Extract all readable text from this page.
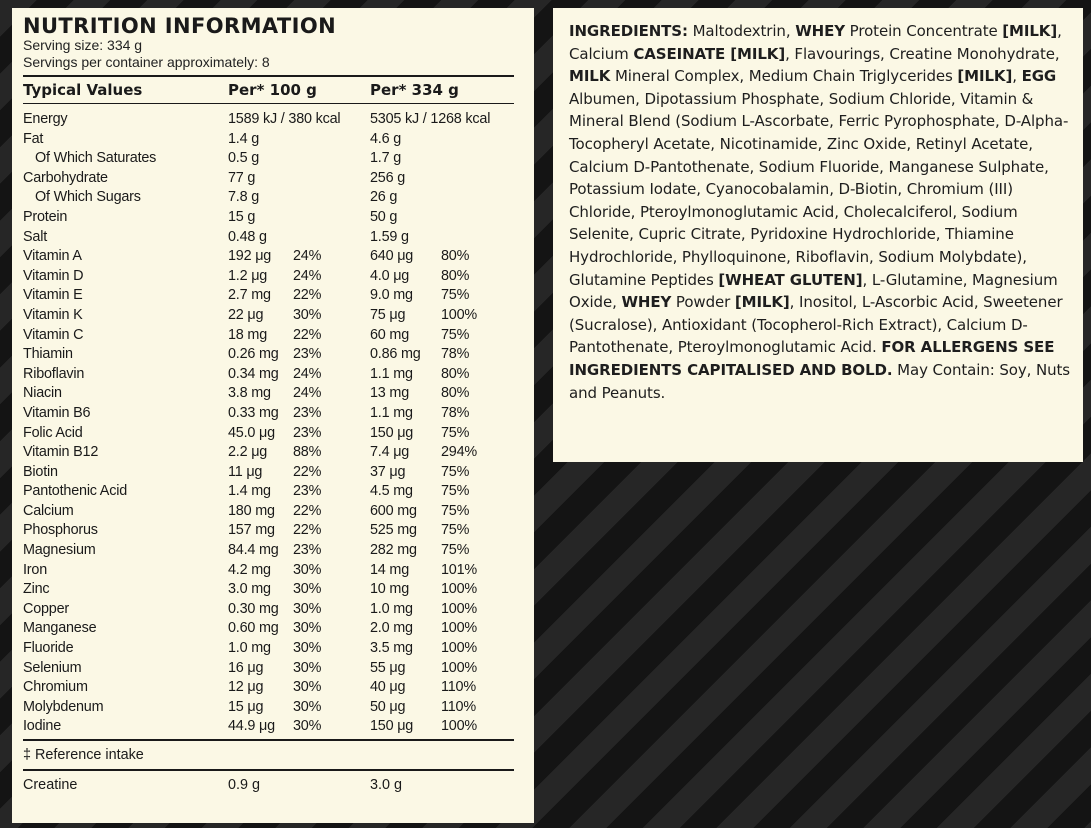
NUTRITION INFORMATION
Serving size: 334 g
Servings per container approximately: 8
Typical Values	Per* 100 g	Per* 334 g
Energy	1589 kJ / 380 kcal 5305 kJ / 1268 kcal
Fat	1.4 g	4.6 g
Of Which Saturates	0.5 g	1.7 g
Carbohydrate	77 g	256 g
Of Which Sugars	7.8 g	26 g
Protein	15 g	50 g
Salt	0.48 g	1.59 g
Vitamin A	192 μg 24%	640 μg 80%
Vitamin D	1.2 μg 24%	4.0 μg 80%
Vitamin E	2.7 mg 22%	9.0 mg 75%
Vitamin K	22 μg 30%	75 μg 100%
Vitamin C	18 mg 22%	60 mg 75%
Thiamin	0.26 mg 23%	0.86 mg 78%
Riboflavin	0.34 mg 24%	1.1 mg 80%
Niacin	3.8 mg 24%	13 mg 80%
Vitamin B6	0.33 mg 23%	1.1 mg 78%
Folic Acid	45.0 μg 23%	150 μg 75%
Vitamin B12	2.2 μg 88%	7.4 μg 294%
Biotin	11 μg 22%	37 μg 75%
Pantothenic Acid	1.4 mg 23%	4.5 mg 75%
Calcium	180 mg 22%	600 mg 75%
Phosphorus	157 mg 22%	525 mg 75%
Magnesium	84.4 mg 23%	282 mg 75%
Iron	4.2 mg 30%	14 mg 101%
Zinc	3.0 mg 30%	10 mg 100%
Copper	0.30 mg 30%	1.0 mg 100%
Manganese	0.60 mg 30%	2.0 mg 100%
Fluoride	1.0 mg 30%	3.5 mg 100%
Selenium	16 μg 30%	55 μg 100%
Chromium	12 μg 30%	40 μg 110%
Molybdenum	15 μg 30%	50 μg 110%
Iodine	44.9 μg 30%	150 μg 100%
‡ Reference intake
Creatine	0.9 g	3.0 g
INGREDIENTS: Maltodextrin, WHEY Protein Concentrate [MILK], Calcium CASEINATE [MILK], Flavourings, Creatine Monohydrate, MILK Mineral Complex, Medium Chain Triglycerides [MILK], EGG Albumen, Dipotassium Phosphate, Sodium Chloride, Vitamin & Mineral Blend (Sodium L-Ascorbate, Ferric Pyrophosphate, D-Alpha-Tocopheryl Acetate, Nicotinamide, Zinc Oxide, Retinyl Acetate, Calcium D-Pantothenate, Sodium Fluoride, Manganese Sulphate, Potassium Iodate, Cyanocobalamin, D-Biotin, Chromium (III) Chloride, Pteroylmonoglutamic Acid, Cholecalciferol, Sodium Selenite, Cupric Citrate, Pyridoxine Hydrochloride, Thiamine Hydrochloride, Phylloquinone, Riboflavin, Sodium Molybdate), Glutamine Peptides [WHEAT GLUTEN], L-Glutamine, Magnesium Oxide, WHEY Powder [MILK], Inositol, L-Ascorbic Acid, Sweetener (Sucralose), Antioxidant (Tocopherol-Rich Extract), Calcium D-Pantothenate, Pteroylmonoglutamic Acid. FOR ALLERGENS SEE INGREDIENTS CAPITALISED AND BOLD. May Contain: Soy, Nuts and Peanuts.
